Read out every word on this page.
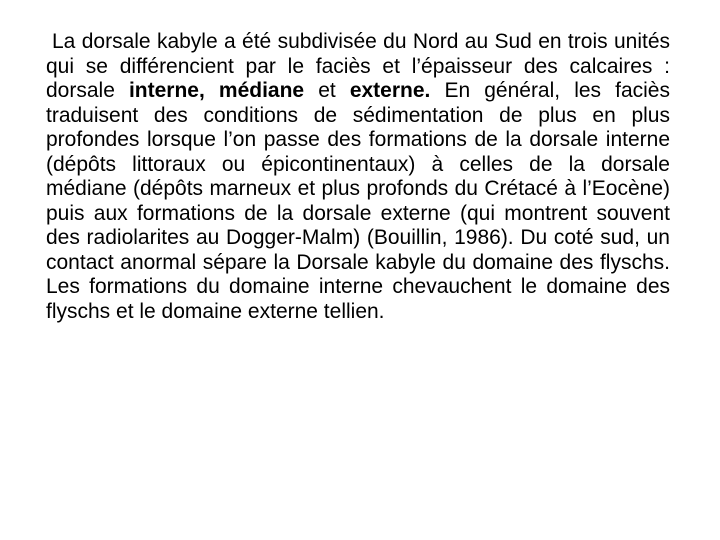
La dorsale kabyle a été subdivisée du Nord au Sud en trois unités qui se différencient par le faciès et l’épaisseur des calcaires : dorsale interne, médiane et externe. En général, les faciès traduisent des conditions de sédimentation de plus en plus profondes lorsque l’on passe des formations de la dorsale interne (dépôts littoraux ou épicontinentaux) à celles de la dorsale médiane (dépôts marneux et plus profonds du Crétacé à l’Eocène) puis aux formations de la dorsale externe (qui montrent souvent des radiolarites au Dogger-Malm) (Bouillin, 1986). Du coté sud, un contact anormal sépare la Dorsale kabyle du domaine des flyschs. Les formations du domaine interne chevauchent le domaine des flyschs et le domaine externe tellien.
